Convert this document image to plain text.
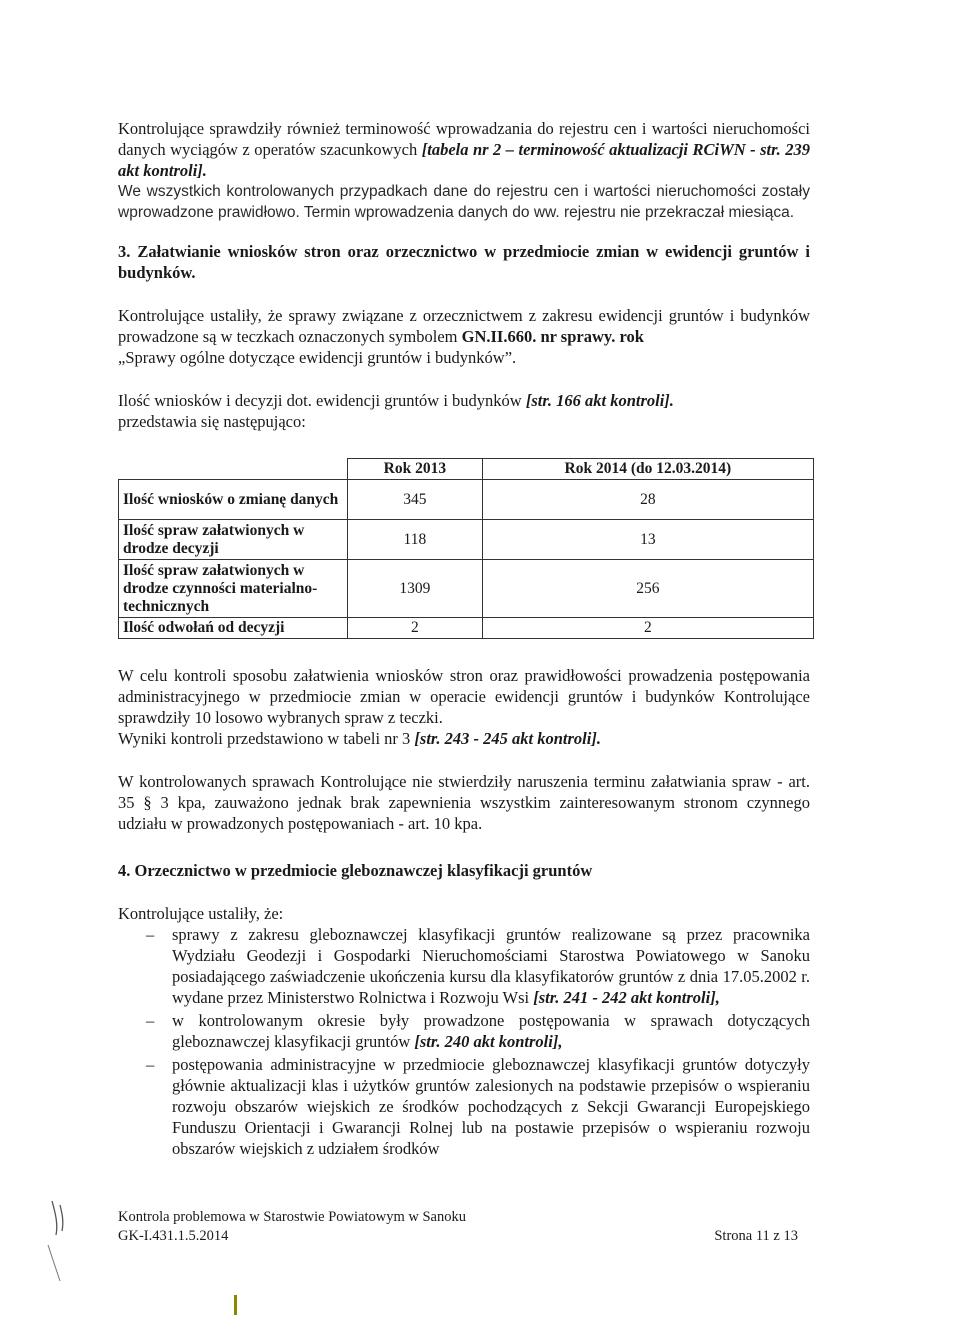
Kontrolujące sprawdziły również terminowość wprowadzania do rejestru cen i wartości nieruchomości danych wyciągów z operatów szacunkowych [tabela nr 2 – terminowość aktualizacji RCiWN - str. 239 akt kontroli].

We wszystkich kontrolowanych przypadkach dane do rejestru cen i wartości nieruchomości zostały wprowadzone prawidłowo. Termin wprowadzenia danych do ww. rejestru nie przekraczał miesiąca.

3. Załatwianie wniosków stron oraz orzecznictwo w przedmiocie zmian w ewidencji gruntów i budynków.

Kontrolujące ustaliły, że sprawy związane z orzecznictwem z zakresu ewidencji gruntów i budynków prowadzone są w teczkach oznaczonych symbolem GN.II.660. nr sprawy. rok
„Sprawy ogólne dotyczące ewidencji gruntów i budynków”.

Ilość wniosków i decyzji dot. ewidencji gruntów i budynków [str. 166 akt kontroli].
przedstawia się następująco:

	Rok 2013	Rok 2014 (do 12.03.2014)
Ilość wniosków o zmianę danych	345	28
Ilość spraw załatwionych w drodze decyzji	118	13
Ilość spraw załatwionych w drodze czynności materialno-technicznych	1309	256
Ilość odwołań od decyzji	2	2

W celu kontroli sposobu załatwienia wniosków stron oraz prawidłowości prowadzenia postępowania administracyjnego w przedmiocie zmian w operacie ewidencji gruntów i budynków Kontrolujące sprawdziły 10 losowo wybranych spraw z teczki.

Wyniki kontroli przedstawiono w tabeli nr 3 [str. 243 - 245 akt kontroli].

W kontrolowanych sprawach Kontrolujące nie stwierdziły naruszenia terminu załatwiania spraw - art. 35 § 3 kpa, zauważono jednak brak zapewnienia wszystkim zainteresowanym stronom czynnego udziału w prowadzonych postępowaniach - art. 10 kpa.

4. Orzecznictwo w przedmiocie gleboznawczej klasyfikacji gruntów

Kontrolujące ustaliły, że:

– sprawy z zakresu gleboznawczej klasyfikacji gruntów realizowane są przez pracownika Wydziału Geodezji i Gospodarki Nieruchomościami Starostwa Powiatowego w Sanoku posiadającego zaświadczenie ukończenia kursu dla klasyfikatorów gruntów z dnia 17.05.2002 r. wydane przez Ministerstwo Rolnictwa i Rozwoju Wsi [str. 241 - 242 akt kontroli],
– w kontrolowanym okresie były prowadzone postępowania w sprawach dotyczących gleboznawczej klasyfikacji gruntów [str. 240 akt kontroli],
– postępowania administracyjne w przedmiocie gleboznawczej klasyfikacji gruntów dotyczyły głównie aktualizacji klas i użytków gruntów zalesionych na podstawie przepisów o wspieraniu rozwoju obszarów wiejskich ze środków pochodzących z Sekcji Gwarancji Europejskiego Funduszu Orientacji i Gwarancji Rolnej lub na postawie przepisów o wspieraniu rozwoju obszarów wiejskich z udziałem środków
Kontrola problemowa w Starostwie Powiatowym w Sanoku
GK-I.431.1.5.2014	Strona 11 z 13
